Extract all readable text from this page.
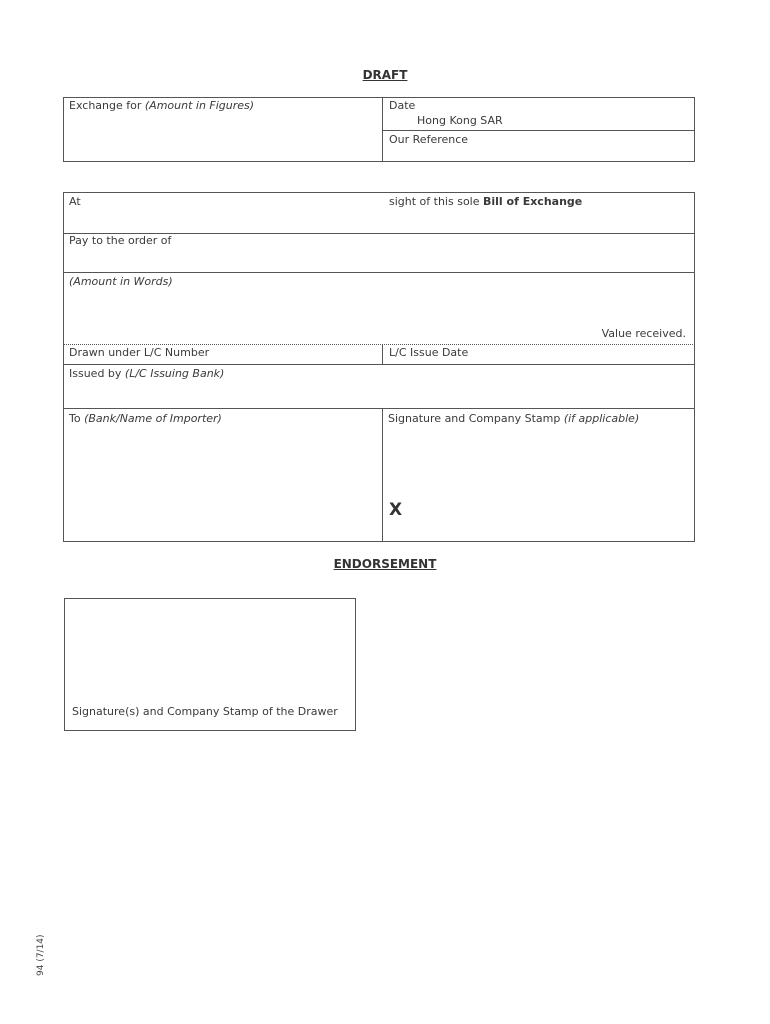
DRAFT
Exchange for (Amount in Figures)	Date
Hong Kong SAR
Our Reference
At	sight of this sole Bill of Exchange
Pay to the order of
(Amount in Words)
Value received.
Drawn under L/C Number	L/C Issue Date
Issued by (L/C Issuing Bank)
To (Bank/Name of Importer)	Signature and Company Stamp (if applicable)
X
ENDORSEMENT
Signature(s) and Company Stamp of the Drawer
94 (7/14)
